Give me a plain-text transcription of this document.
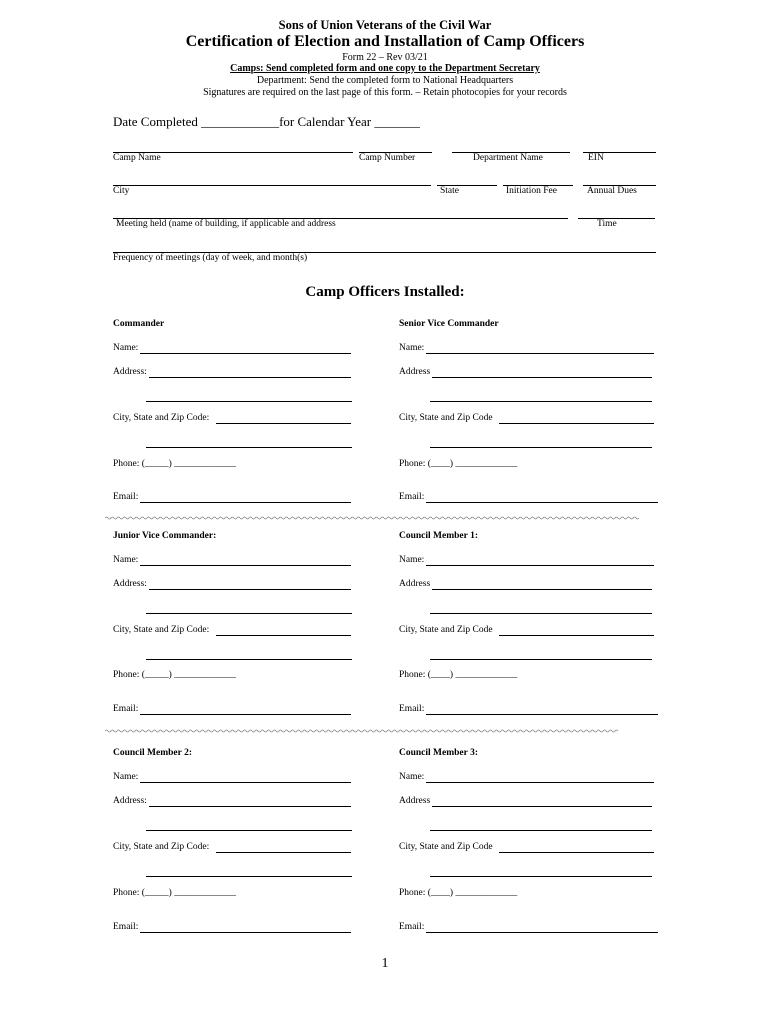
Sons of Union Veterans of the Civil War
Certification of Election and Installation of Camp Officers
Form 22 – Rev 03/21
Camps: Send completed form and one copy to the Department Secretary
Department: Send the completed form to National Headquarters
Signatures are required on the last page of this form. – Retain photocopies for your records
Date Completed ____________for Calendar Year _______
Camp Name	Camp Number	Department Name	EIN
City	State	Initiation Fee	Annual Dues
Meeting held (name of building, if applicable and address	Time
Frequency of meetings (day of week, and month(s)
Camp Officers Installed:
Commander	Senior Vice Commander
Name:	Name:
Address:	Address
City, State and Zip Code:	City, State and Zip Code
Phone: (_____) _____________	Phone: (____) _____________
Email:	Email:
Junior Vice Commander:	Council Member 1:
Name:	Name:
Address:	Address
City, State and Zip Code:	City, State and Zip Code
Phone: (_____) _____________	Phone: (____) _____________
Email:	Email:
Council Member 2:	Council Member 3:
Name:	Name:
Address:	Address
City, State and Zip Code:	City, State and Zip Code
Phone: (_____) _____________	Phone: (____) _____________
Email:	Email:
1
